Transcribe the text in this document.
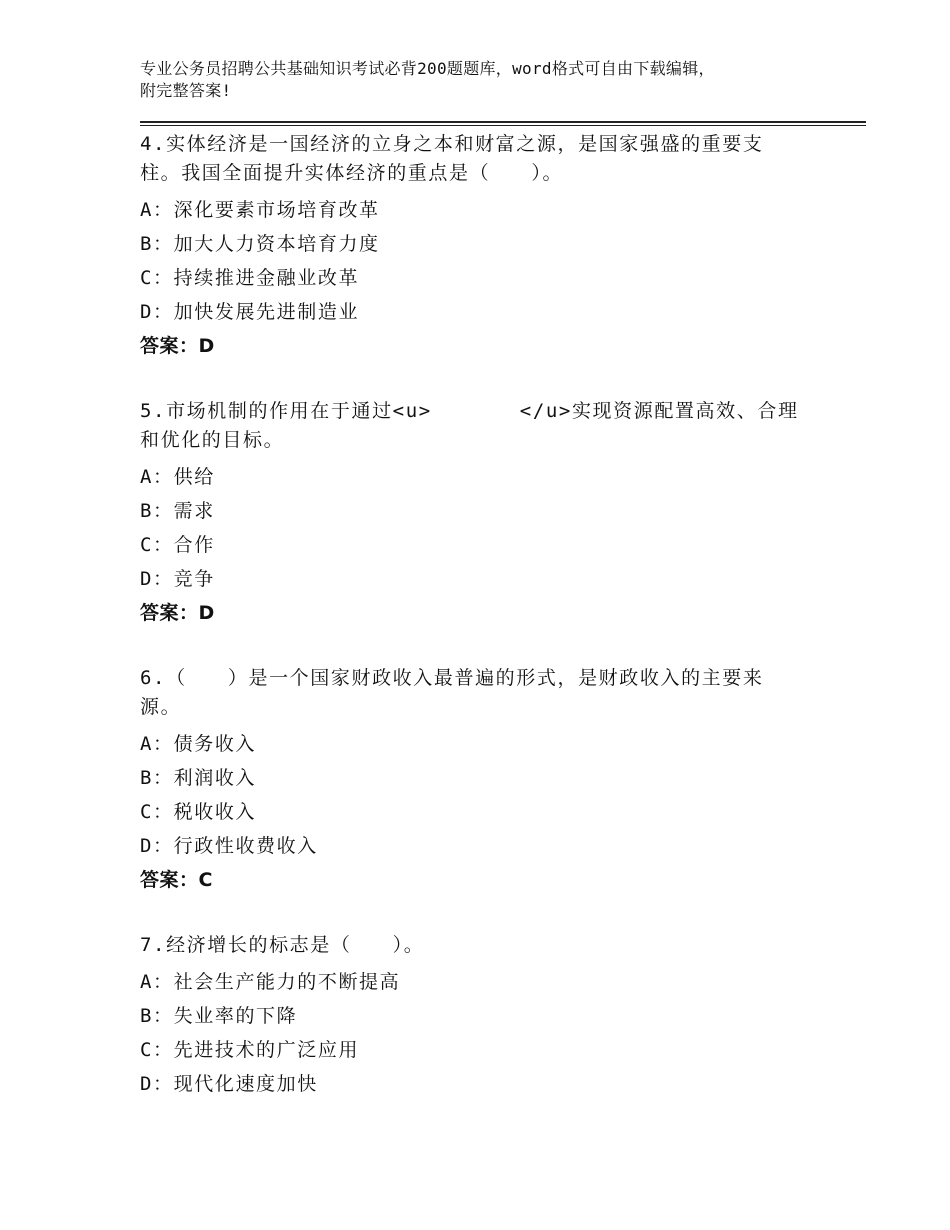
专业公务员招聘公共基础知识考试必背200题题库，word格式可自由下载编辑，
附完整答案!
4.实体经济是一国经济的立身之本和财富之源，是国家强盛的重要支
柱。我国全面提升实体经济的重点是（　　）。
A：深化要素市场培育改革
B：加大人力资本培育力度
C：持续推进金融业改革
D：加快发展先进制造业
答案：D
5.市场机制的作用在于通过<u>	</u>实现资源配置高效、合理
和优化的目标。
A：供给
B：需求
C：合作
D：竞争
答案：D
6.（　　）是一个国家财政收入最普遍的形式，是财政收入的主要来
源。
A：债务收入
B：利润收入
C：税收收入
D：行政性收费收入
答案：C
7.经济增长的标志是（　　）。
A：社会生产能力的不断提高
B：失业率的下降
C：先进技术的广泛应用
D：现代化速度加快
